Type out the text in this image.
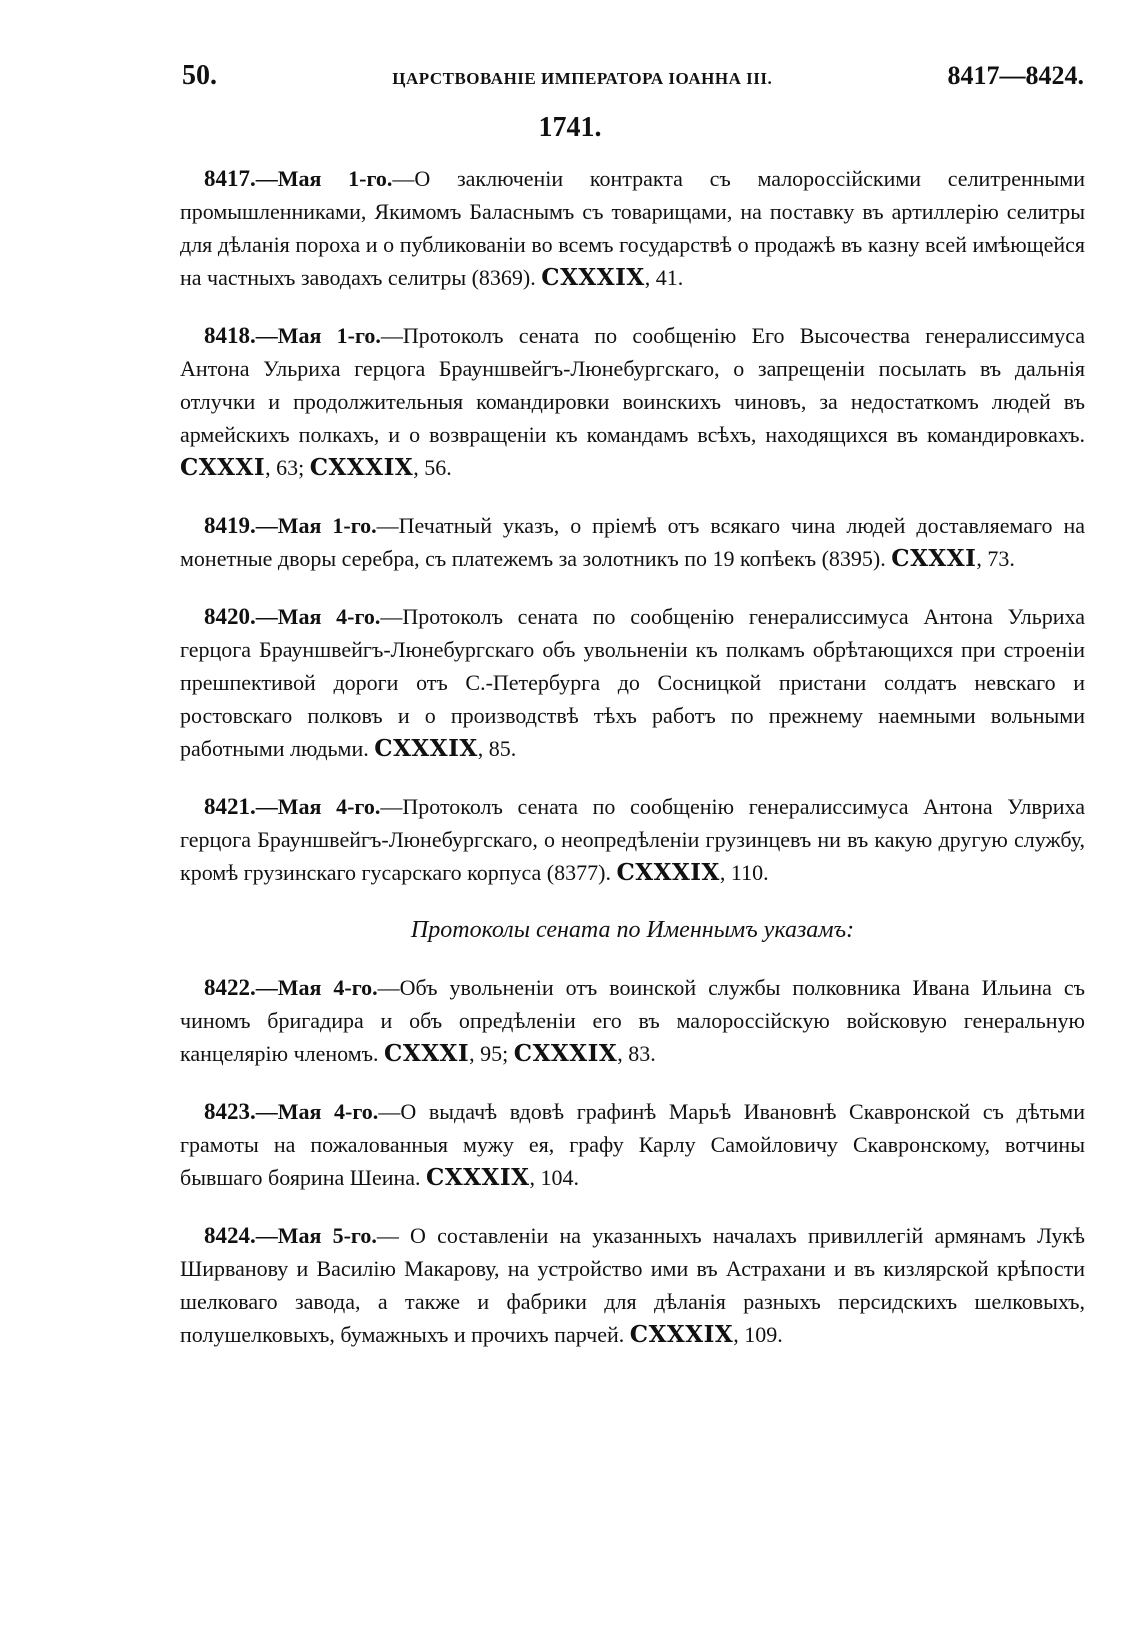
50.	ЦАРСТВОВАНІЕ ИМПЕРАТОРА ІОАННА III.	8417—8424.
1741.

8417.—Мая 1-го.—О заключеніи контракта съ малороссійскими селитренными промышленниками, Якимомъ Баласнымъ съ товарищами, на поставку въ артиллерію селитры для дѣланія пороха и о публикованіи во всемъ государствѣ о продажѣ въ казну всей имѣющейся на частныхъ заводахъ селитры (8369). CXXXIX, 41.

8418.—Мая 1-го.—Протоколъ сената по сообщенію Его Высочества генералиссимуса Антона Ульриха герцога Брауншвейгъ-Люнебургскаго, о запрещеніи посылать въ дальнія отлучки и продолжительныя командировки воинскихъ чиновъ, за недостаткомъ людей въ армейскихъ полкахъ, и о возвращеніи къ командамъ всѣхъ, находящихся въ командировкахъ. CXXXI, 63; CXXXIX, 56.

8419.—Мая 1-го.—Печатный указъ, о пріемѣ отъ всякаго чина людей доставляемаго на монетные дворы серебра, съ платежемъ за золотникъ по 19 копѣекъ (8395). CXXXI, 73.

8420.—Мая 4-го.—Протоколъ сената по сообщенію генералиссимуса Антона Ульриха герцога Брауншвейгъ-Люнебургскаго объ увольненіи къ полкамъ обрѣтающихся при строеніи прешпективой дороги отъ С.-Петербурга до Сосницкой пристани солдатъ невскаго и ростовскаго полковъ и о производствѣ тѣхъ работъ по прежнему наемными вольными работными людьми. CXXXIX, 85.

8421.—Мая 4-го.—Протоколъ сената по сообщенію генералиссимуса Антона Улвриха герцога Брауншвейгъ-Люнебургскаго, о неопредѣленіи грузинцевъ ни въ какую другую службу, кромѣ грузинскаго гусарскаго корпуса (8377). CXXXIX, 110.

Протоколы сената по Именнымъ указамъ:

8422.—Мая 4-го.—Объ увольненіи отъ воинской службы полковника Ивана Ильина съ чиномъ бригадира и объ опредѣленіи его въ малороссійскую войсковую генеральную канцелярію членомъ. CXXXI, 95; CXXXIX, 83.

8423.—Мая 4-го.—О выдачѣ вдовѣ графинѣ Марьѣ Ивановнѣ Скавронской съ дѣтьми грамоты на пожалованныя мужу ея, графу Карлу Самойловичу Скавронскому, вотчины бывшаго боярина Шеина. CXXXIX, 104.

8424.—Мая 5-го.— О составленіи на указанныхъ началахъ привиллегій армянамъ Лукѣ Ширванову и Василію Макарову, на устройство ими въ Астрахани и въ кизлярской крѣпости шелковаго завода, а также и фабрики для дѣланія разныхъ персидскихъ шелковыхъ, полушелковыхъ, бумажныхъ и прочихъ парчей. CXXXIX, 109.
